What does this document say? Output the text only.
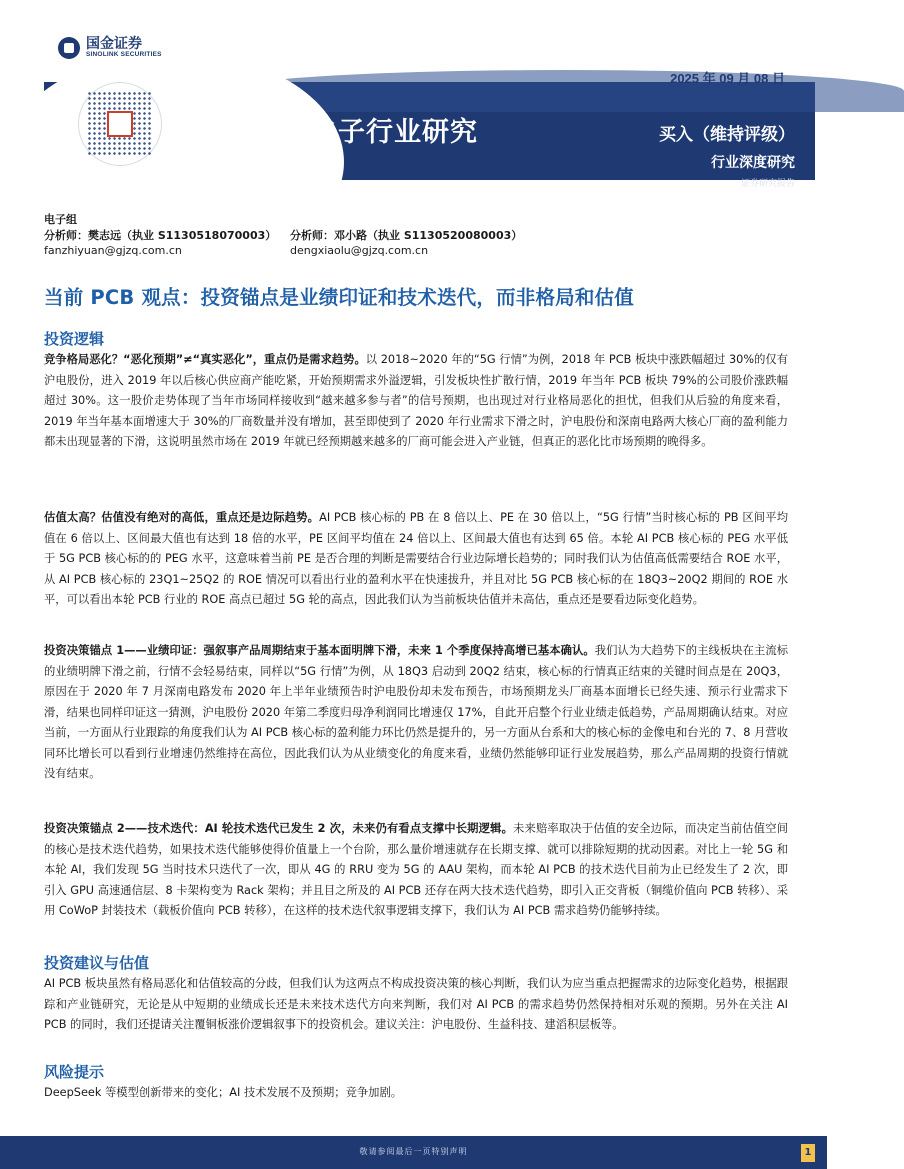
2025 年 09 月 08 日
电子行业研究	买入（维持评级）
行业深度研究
证券研究报告
国金证券
SINOLINK SECURITIES
电子组
分析师：樊志远（执业 S1130518070003）	分析师：邓小路（执业 S1130520080003）
fanzhiyuan@gjzq.com.cn	dengxiaolu@gjzq.com.cn
当前 PCB 观点：投资锚点是业绩印证和技术迭代，而非格局和估值
投资逻辑

竞争格局恶化？“恶化预期”≠“真实恶化”，重点仍是需求趋势。以 2018~2020 年的“5G 行情”为例，2018 年 PCB 板块中涨跌幅超过 30%的仅有沪电股份，进入 2019 年以后核心供应商产能吃紧，开始预期需求外溢逻辑，引发板块性扩散行情，2019 年当年 PCB 板块 79%的公司股价涨跌幅超过 30%。这一股价走势体现了当年市场同样接收到“越来越多参与者”的信号预期，也出现过对行业格局恶化的担忧，但我们从后验的角度来看，2019 年当年基本面增速大于 30%的厂商数量并没有增加，甚至即使到了 2020 年行业需求下滑之时，沪电股份和深南电路两大核心厂商的盈利能力都未出现显著的下滑，这说明虽然市场在 2019 年就已经预期越来越多的厂商可能会进入产业链，但真正的恶化比市场预期的晚得多。

估值太高？估值没有绝对的高低，重点还是边际趋势。AI PCB 核心标的 PB 在 8 倍以上、PE 在 30 倍以上，“5G 行情”当时核心标的 PB 区间平均值在 6 倍以上、区间最大值也有达到 18 倍的水平，PE 区间平均值在 24 倍以上、区间最大值也有达到 65 倍。本轮 AI PCB 核心标的 PEG 水平低于 5G PCB 核心标的的 PEG 水平，这意味着当前 PE 是否合理的判断是需要结合行业边际增长趋势的；同时我们认为估值高低需要结合 ROE 水平，从 AI PCB 核心标的 23Q1~25Q2 的 ROE 情况可以看出行业的盈利水平在快速拔升，并且对比 5G PCB 核心标的在 18Q3~20Q2 期间的 ROE 水平，可以看出本轮 PCB 行业的 ROE 高点已超过 5G 轮的高点，因此我们认为当前板块估值并未高估，重点还是要看边际变化趋势。

投资决策锚点 1——业绩印证：强叙事产品周期结束于基本面明牌下滑，未来 1 个季度保持高增已基本确认。我们认为大趋势下的主线板块在主流标的业绩明牌下滑之前，行情不会轻易结束，同样以“5G 行情”为例，从 18Q3 启动到 20Q2 结束，核心标的行情真正结束的关键时间点是在 20Q3，原因在于 2020 年 7 月深南电路发布 2020 年上半年业绩预告时沪电股份却未发布预告，市场预期龙头厂商基本面增长已经失速、预示行业需求下滑，结果也同样印证这一猜测，沪电股份 2020 年第二季度归母净利润同比增速仅 17%，自此开启整个行业业绩走低趋势，产品周期确认结束。对应当前，一方面从行业跟踪的角度我们认为 AI PCB 核心标的盈利能力环比仍然是提升的，另一方面从台系和大的核心标的金像电和台光的 7、8 月营收同环比增长可以看到行业增速仍然维持在高位，因此我们认为从业绩变化的角度来看，业绩仍然能够印证行业发展趋势，那么产品周期的投资行情就没有结束。

投资决策锚点 2——技术迭代：AI 轮技术迭代已发生 2 次，未来仍有看点支撑中长期逻辑。未来赔率取决于估值的安全边际，而决定当前估值空间的核心是技术迭代趋势，如果技术迭代能够使得价值量上一个台阶，那么量价增速就存在长期支撑、就可以排除短期的扰动因素。对比上一轮 5G 和本轮 AI，我们发现 5G 当时技术只迭代了一次，即从 4G 的 RRU 变为 5G 的 AAU 架构，而本轮 AI PCB 的技术迭代目前为止已经发生了 2 次，即引入 GPU 高速通信层、8 卡架构变为 Rack 架构；并且目之所及的 AI PCB 还存在两大技术迭代趋势，即引入正交背板（铜缆价值向 PCB 转移）、采用 CoWoP 封装技术（载板价值向 PCB 转移），在这样的技术迭代叙事逻辑支撑下，我们认为 AI PCB 需求趋势仍能够持续。

投资建议与估值

AI PCB 板块虽然有格局恶化和估值较高的分歧，但我们认为这两点不构成投资决策的核心判断，我们认为应当重点把握需求的边际变化趋势，根据跟踪和产业链研究，无论是从中短期的业绩成长还是未来技术迭代方向来判断，我们对 AI PCB 的需求趋势仍然保持相对乐观的预期。另外在关注 AI PCB 的同时，我们还提请关注覆铜板涨价逻辑叙事下的投资机会。建议关注：沪电股份、生益科技、建滔积层板等。

风险提示
DeepSeek 等模型创新带来的变化；AI 技术发展不及预期；竞争加剧。
敬请参阅最后一页特别声明	1
